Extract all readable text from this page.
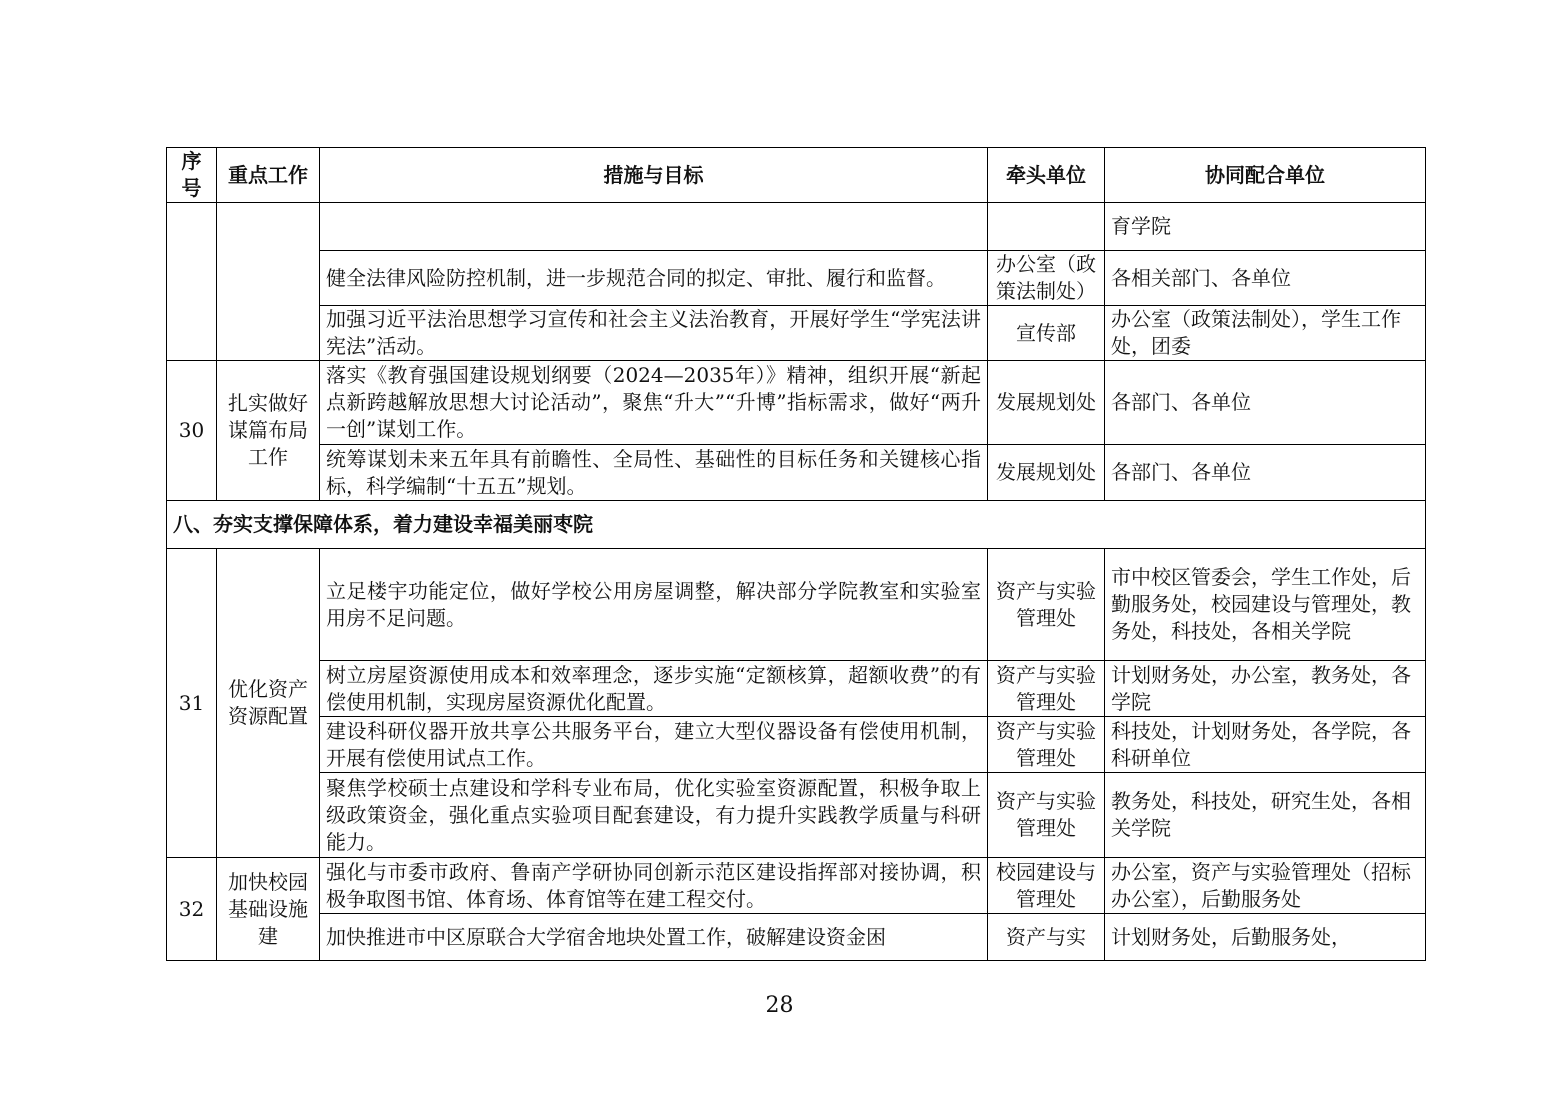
序号	重点工作	措施与目标	牵头单位	协同配合单位
				育学院
		健全法律风险防控机制，进一步规范合同的拟定、审批、履行和监督。	办公室（政策法制处）	各相关部门、各单位
		加强习近平法治思想学习宣传和社会主义法治教育，开展好学生“学宪法讲宪法”活动。	宣传部	办公室（政策法制处），学生工作处，团委
30	扎实做好谋篇布局工作	落实《教育强国建设规划纲要（2024—2035年）》精神，组织开展“新起点新跨越解放思想大讨论活动”，聚焦“升大”“升博”指标需求，做好“两升一创”谋划工作。	发展规划处	各部门、各单位
		统筹谋划未来五年具有前瞻性、全局性、基础性的目标任务和关键核心指标，科学编制“十五五”规划。	发展规划处	各部门、各单位
八、夯实支撑保障体系，着力建设幸福美丽枣院				
31	优化资产资源配置	立足楼宇功能定位，做好学校公用房屋调整，解决部分学院教室和实验室用房不足问题。	资产与实验管理处	市中校区管委会，学生工作处，后勤服务处，校园建设与管理处，教务处，科技处，各相关学院
		树立房屋资源使用成本和效率理念，逐步实施“定额核算，超额收费”的有偿使用机制，实现房屋资源优化配置。	资产与实验管理处	计划财务处，办公室，教务处，各学院
		建设科研仪器开放共享公共服务平台，建立大型仪器设备有偿使用机制，开展有偿使用试点工作。	资产与实验管理处	科技处，计划财务处，各学院，各科研单位
		聚焦学校硕士点建设和学科专业布局，优化实验室资源配置，积极争取上级政策资金，强化重点实验项目配套建设，有力提升实践教学质量与科研能力。	资产与实验管理处	教务处，科技处，研究生处，各相关学院
32	加快校园基础设施建	强化与市委市政府、鲁南产学研协同创新示范区建设指挥部对接协调，积极争取图书馆、体育场、体育馆等在建工程交付。	校园建设与管理处	办公室，资产与实验管理处（招标办公室），后勤服务处
		加快推进市中区原联合大学宿舍地块处置工作，破解建设资金困	资产与实	计划财务处，后勤服务处，
28
